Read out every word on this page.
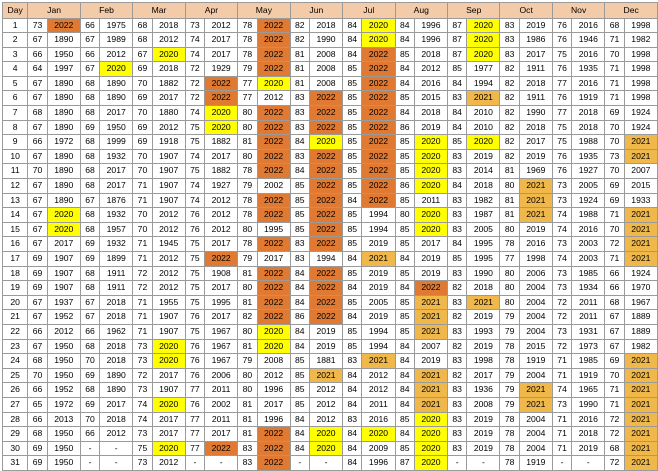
Day	Jan		Feb		Mar		Apr		May		Jun		Jul		Aug		Sep		Oct		Nov		Dec	
1	73	2022	66	1975	68	2018	73	2012	78	2022	82	2018	84	2020	84	1996	87	2020	83	2019	76	2016	68	1998
2	67	1890	67	1989	68	2012	74	2017	78	2022	82	1990	84	2020	84	1996	87	2020	83	1986	76	1946	71	1982
3	66	1950	66	2012	67	2020	74	2017	78	2022	81	2008	84	2022	85	2018	87	2020	83	2017	75	2016	70	1998
4	64	1997	67	2020	69	2018	72	1929	79	2022	81	2008	85	2022	84	2012	85	1977	82	1911	76	1935	71	1998
5	67	1890	68	1890	70	1882	72	2022	77	2020	81	2008	85	2022	84	2016	84	1994	82	2018	77	2016	71	1998
6	67	1890	68	1890	69	2017	72	2022	77	2012	83	2022	85	2022	85	2015	83	2021	82	1911	76	1919	71	1998
7	68	1890	68	2017	70	1880	74	2020	80	2022	83	2022	85	2022	84	2018	84	2010	82	1990	77	2018	69	1924
8	67	1890	69	1950	69	2012	75	2020	80	2022	83	2022	85	2022	86	2019	84	2010	82	2018	75	2018	70	1924
9	66	1972	68	1999	69	1918	75	1882	81	2022	84	2020	85	2022	85	2020	85	2020	82	2017	75	1988	70	2021
10	67	1890	68	1932	70	1907	74	2017	80	2022	83	2022	85	2022	85	2020	83	2019	82	2019	76	1935	73	2021
11	70	1890	68	2017	70	1907	75	1882	78	2022	84	2022	85	2022	85	2020	83	2014	81	1969	76	1927	70	2007
12	67	1890	68	2017	71	1907	74	1927	79	2002	85	2022	85	2022	86	2020	84	2018	80	2021	73	2005	69	2015
13	67	1890	67	1876	71	1907	74	2012	78	2022	85	2022	84	2022	85	2011	83	1982	81	2021	73	1924	69	1933
14	67	2020	68	1932	70	2012	76	2012	78	2022	85	2022	85	1994	80	2020	83	1987	81	2021	74	1988	71	2021
15	67	2020	68	1957	70	2012	76	2012	80	1995	85	2022	85	1994	85	2020	83	2005	80	2019	74	2016	70	2021
16	67	2017	69	1932	71	1945	75	2017	78	2022	83	2022	85	2019	85	2017	84	1995	78	2016	73	2003	72	2021
17	69	1907	69	1899	71	2012	75	2022	79	2017	83	1994	84	2021	84	2019	85	1995	77	1998	74	2003	71	2021
18	69	1907	68	1911	72	2012	75	1908	81	2022	84	2022	85	2019	85	2019	83	1990	80	2006	73	1985	66	1924
19	69	1907	68	1911	72	2012	75	2017	80	2022	84	2022	84	2019	84	2022	82	2018	80	2004	73	1934	66	1970
20	67	1937	67	2018	71	1955	75	1995	81	2022	84	2022	85	2005	85	2021	83	2021	80	2004	72	2011	68	1967
21	67	1952	67	2018	71	1907	76	2017	82	2022	86	2022	84	2019	85	2021	82	2019	79	2004	72	2011	67	1889
22	66	2012	66	1962	71	1907	75	1967	80	2020	84	2019	85	1994	85	2021	83	1993	79	2004	73	1931	67	1889
23	67	1950	68	2018	73	2020	76	1967	81	2020	84	2019	85	1994	84	2007	82	2019	78	2015	72	1973	67	1982
24	68	1950	70	2018	73	2020	76	1967	79	2008	85	1881	83	2021	84	2019	83	1998	78	1919	71	1985	69	2021
25	70	1950	69	1890	72	2017	76	2006	80	2012	85	2021	84	2012	84	2021	82	2017	79	2004	71	1919	70	2021
26	66	1952	68	1890	73	1907	77	2011	80	1996	85	2012	84	2012	84	2021	83	1936	79	2021	74	1965	71	2021
27	65	1972	69	2017	74	2020	76	2002	81	2017	85	2012	84	2011	84	2021	83	2008	79	2021	73	1990	71	2021
28	66	2013	70	2018	74	2017	77	2011	81	1996	84	2012	83	2016	85	2020	83	2019	78	2004	71	2016	72	2021
29	68	1950	66	2012	73	2017	77	2017	81	2022	84	2020	84	2020	84	2020	83	2019	78	2004	71	2018	72	2021
30	69	1950	-	-	75	2020	77	2022	83	2022	84	2020	84	2009	85	2020	83	2019	78	2004	71	2019	68	2021
31	69	1950	-	-	73	2012	-	-	83	2022	-	-	84	1996	87	2020	-	-	78	1919	-	-	72	2021
